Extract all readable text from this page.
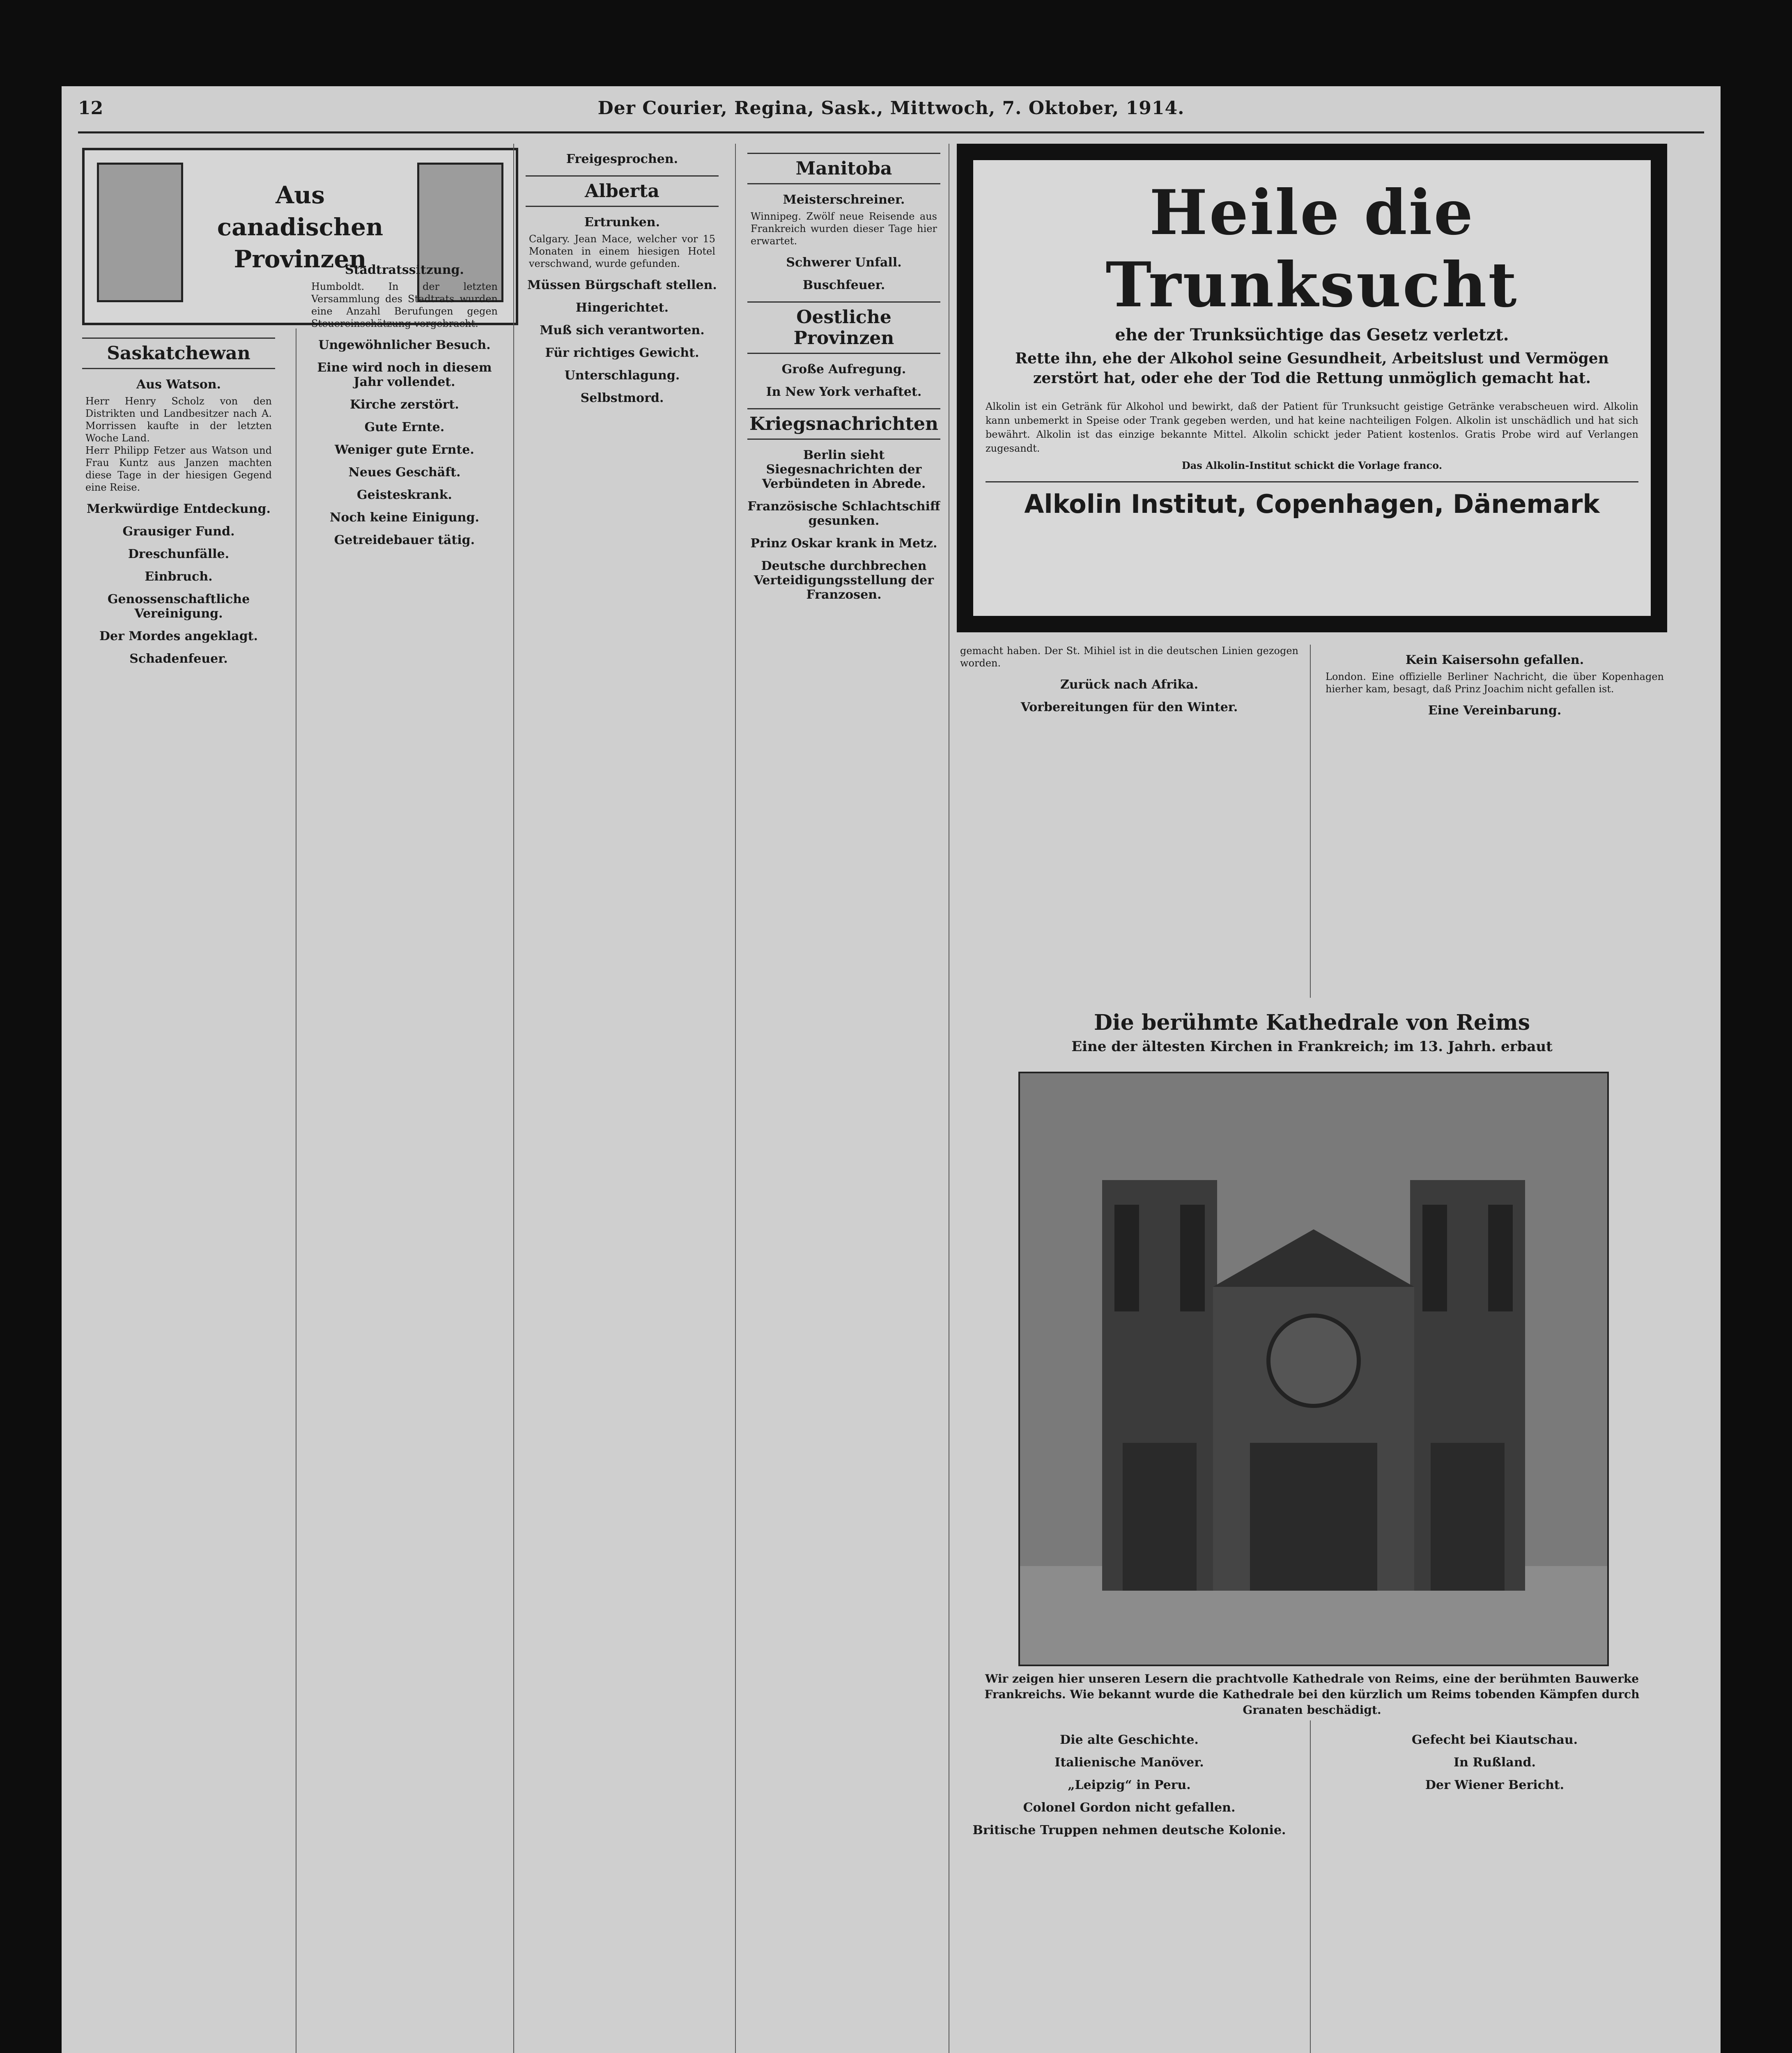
12	Der Courier, Regina, Sask., Mittwoch, 7. Oktober, 1914.
Aus canadischen
Provinzen
Saskatchewan
Aus Watson.
Herr Henry Scholz von den Distrikten und Landbesitzer nach A. Morrissen kaufte in der letzten Woche Land.
Herr Philipp Fetzer aus Watson und Frau Kuntz aus Janzen machten diese Tage in der hiesigen Gegend eine Reise.
Merkwürdige Entdeckung.
Grausiger Fund.
Dreschunfälle.
Einbruch.
Genossenschaftliche Vereinigung.
Der Mordes angeklagt.
Schadenfeuer.
Stadtratssitzung.
Humboldt. In der letzten Versammlung des Stadtrats wurden eine Anzahl Berufungen gegen Steuereinschätzung vorgebracht.
Ungewöhnlicher Besuch.
Eine wird noch in diesem Jahr vollendet.
Kirche zerstört.
Gute Ernte.
Weniger gute Ernte.
Neues Geschäft.
Geisteskrank.
Noch keine Einigung.
Getreidebauer tätig.
Freigesprochen.
Alberta
Ertrunken.
Calgary. Jean Mace, welcher vor 15 Monaten in einem hiesigen Hotel verschwand, wurde gefunden.
Müssen Bürgschaft stellen.
Hingerichtet.
Muß sich verantworten.
Für richtiges Gewicht.
Unterschlagung.
Selbstmord.
Manitoba
Meisterschreiner.
Winnipeg. Zwölf neue Reisende aus Frankreich wurden dieser Tage hier erwartet.
Schwerer Unfall.
Buschfeuer.
Oestliche Provinzen
Große Aufregung.
In New York verhaftet.
Kriegsnachrichten
Berlin sieht Siegesnachrichten der Verbündeten in Abrede.
Französische Schlachtschiff gesunken.
Prinz Oskar krank in Metz.
Deutsche durchbrechen Verteidigungsstellung der Franzosen.
Heile die Trunksucht
ehe der Trunksüchtige das Gesetz verletzt.
Rette ihn, ehe der Alkohol seine Gesundheit, Arbeitslust und Vermögen zerstört hat, oder ehe der Tod die Rettung unmöglich gemacht hat.
Alkolin ist ein Getränk für Alkohol und bewirkt, daß der Patient für Trunksucht geistige Getränke verabscheuen wird. Alkolin kann unbemerkt in Speise oder Trank gegeben werden, und hat keine nachteiligen Folgen. Alkolin ist unschädlich und hat sich bewährt. Alkolin ist das einzige bekannte Mittel. Alkolin schickt jeder Patient kostenlos. Gratis Probe wird auf Verlangen zugesandt.
Das Alkolin-Institut schickt die Vorlage franco.
Alkolin Institut, Copenhagen, Dänemark
gemacht haben. Der St. Mihiel ist in die deutschen Linien gezogen worden.
Zurück nach Afrika.
Vorbereitungen für den Winter.
Die alte Geschichte.
Italienische Manöver.
„Leipzig“ in Peru.
Colonel Gordon nicht gefallen.
Britische Truppen nehmen deutsche Kolonie.
Kein Kaisersohn gefallen.
London. Eine offizielle Berliner Nachricht, die über Kopenhagen hierher kam, besagt, daß Prinz Joachim nicht gefallen ist.
Eine Vereinbarung.
Gefecht bei Kiautschau.
In Rußland.
Der Wiener Bericht.
Die berühmte Kathedrale von Reims
Eine der ältesten Kirchen in Frankreich; im 13. Jahrh. erbaut
Wir zeigen hier unseren Lesern die prachtvolle Kathedrale von Reims, eine der berühmten Bauwerke Frankreichs. Wie bekannt wurde die Kathedrale bei den kürzlich um Reims tobenden Kämpfen durch Granaten beschädigt.
